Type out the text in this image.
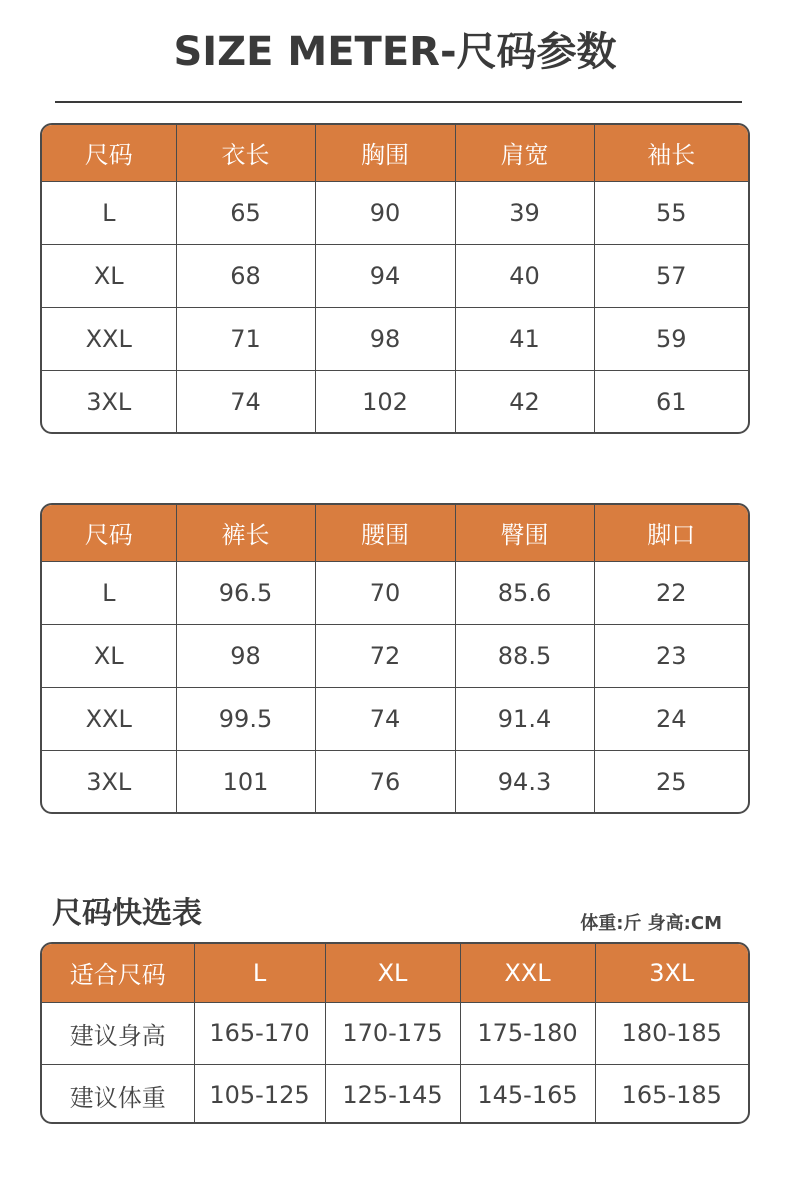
SIZE METER-尺码参数
尺码	衣长	胸围	肩宽	袖长
L	65	90	39	55
XL	68	94	40	57
XXL	71	98	41	59
3XL	74	102	42	61
尺码	裤长	腰围	臀围	脚口
L	96.5	70	85.6	22
XL	98	72	88.5	23
XXL	99.5	74	91.4	24
3XL	101	76	94.3	25
尺码快选表	体重:斤 身高:CM
适合尺码	L	XL	XXL	3XL
建议身高	165-170	170-175	175-180	180-185
建议体重	105-125	125-145	145-165	165-185
